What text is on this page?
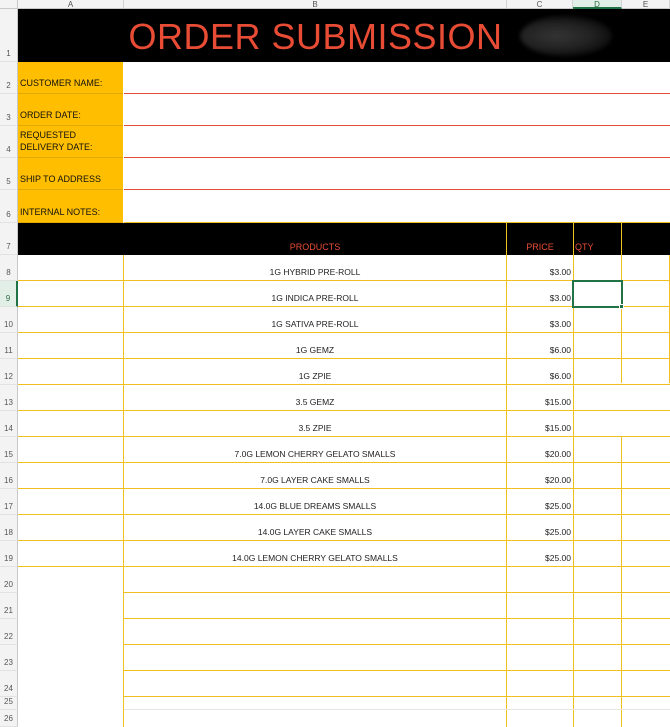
A	B	C	D	E
1
2
3
4
5
6
7
ORDER SUBMISSION
CUSTOMER NAME:
ORDER DATE:
REQUESTED
DELIVERY DATE:
SHIP TO ADDRESS
INTERNAL NOTES:
PRODUCTS	PRICE	QTY
8	1G HYBRID PRE-ROLL	$3.00
9	1G INDICA PRE-ROLL	$3.00
10	1G SATIVA PRE-ROLL	$3.00
11	1G GEMZ	$6.00
12	1G ZPIE	$6.00
13	3.5 GEMZ	$15.00
14	3.5 ZPIE	$15.00
15	7.0G LEMON CHERRY GELATO SMALLS	$20.00
16	7.0G LAYER CAKE SMALLS	$20.00
17	14.0G BLUE DREAMS SMALLS	$25.00
18	14.0G LAYER CAKE SMALLS	$25.00
19	14.0G LEMON CHERRY GELATO SMALLS	$25.00
20
21
22
23
24
25
26
